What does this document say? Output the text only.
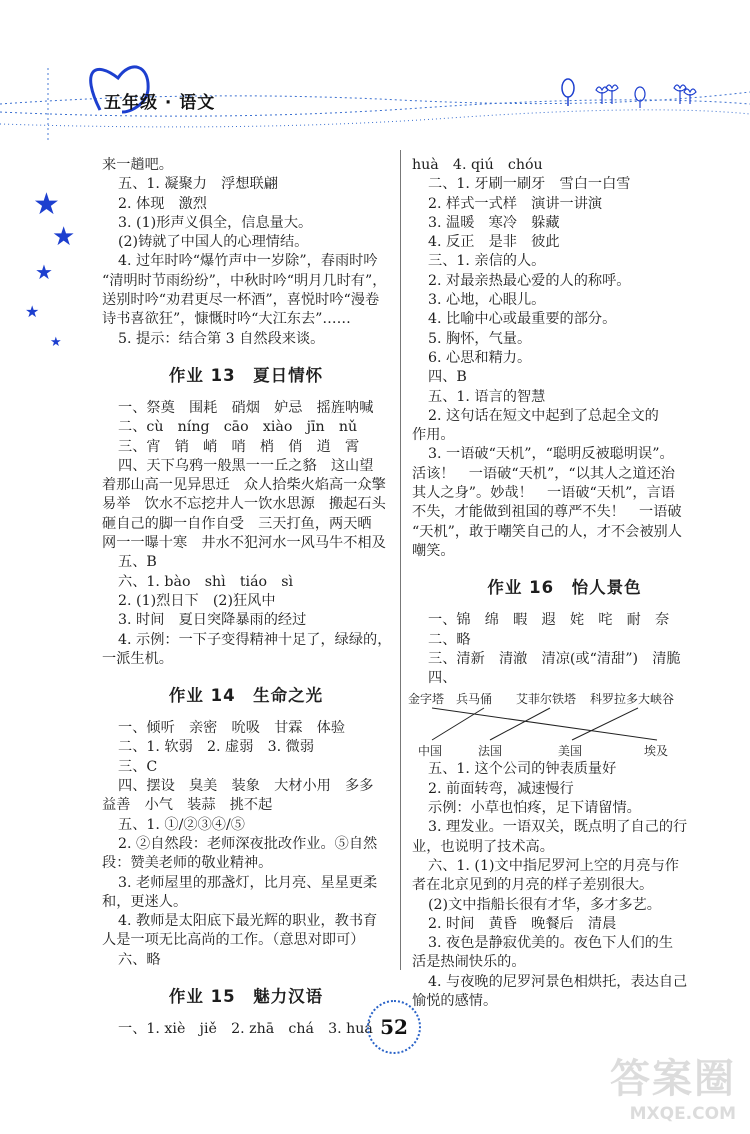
五年级 · 语文
★
★
★
★
★
来一趟吧。
五、1. 凝聚力　浮想联翩
2. 体现　激烈
3. (1)形声义俱全，信息量大。
(2)铸就了中国人的心理情结。
4. 过年时吟“爆竹声中一岁除”，春雨时吟
“清明时节雨纷纷”，中秋时吟“明月几时有”，
送别时吟“劝君更尽一杯酒”，喜悦时吟“漫卷
诗书喜欲狂”，慷慨时吟“大江东去”……
5. 提示：结合第 3 自然段来谈。
作业 13　夏日情怀
一、祭奠　围耗　硝烟　妒忌　摇旌呐喊
二、cù　níng　cāo　xiào　jīn　nǔ
三、宵　销　峭　哨　梢　俏　逍　霄
四、天下乌鸦一般黑一一丘之貉　这山望
着那山高一见异思迁　众人拾柴火焰高一众擎
易举　饮水不忘挖井人一饮水思源　搬起石头
砸自己的脚一自作自受　三天打鱼，两天晒
网一一曝十寒　井水不犯河水一风马牛不相及
五、B
六、1. bào　shì　tiáo　sì
2. (1)烈日下　(2)狂风中
3. 时间　夏日突降暴雨的经过
4. 示例：一下子变得精神十足了，绿绿的，
一派生机。
作业 14　生命之光
一、倾听　亲密　吮吸　甘霖　体验
二、1. 软弱　2. 虚弱　3. 微弱
三、C
四、摆设　臭美　装象　大材小用　多多
益善　小气　装蒜　挑不起
五、1. ①/②③④/⑤
2. ②自然段：老师深夜批改作业。⑤自然
段：赞美老师的敬业精神。
3. 老师屋里的那盏灯，比月亮、星星更柔
和，更迷人。
4. 教师是太阳底下最光辉的职业，教书育
人是一项无比高尚的工作。（意思对即可）
六、略
作业 15　魅力汉语
一、1. xiè　jiě　2. zhā　chá　3. huá
huà　4. qiú　chóu
二、1. 牙刷一刷牙　雪白一白雪
2. 样式一式样　演讲一讲演
3. 温暖　寒冷　躲藏
4. 反正　是非　彼此
三、1. 亲信的人。
2. 对最亲热最心爱的人的称呼。
3. 心地，心眼儿。
4. 比喻中心或最重要的部分。
5. 胸怀，气量。
6. 心思和精力。
四、B
五、1. 语言的智慧
2. 这句话在短文中起到了总起全文的
作用。
3. 一语破“天机”，“聪明反被聪明误”。
活该！　一语破“天机”，“以其人之道还治
其人之身”。妙哉！　一语破“天机”，言语
不失，才能做到祖国的尊严不失！　一语破
“天机”，敢于嘲笑自己的人，才不会被别人
嘲笑。
作业 16　怡人景色
一、锦　绵　暇　遐　姹　咤　耐　奈
二、略
三、清新　清澈　清凉(或“清甜”)　清脆
四、
金字塔 兵马俑 艾菲尔铁塔 科罗拉多大峡谷
中国	法国	美国	埃及
五、1. 这个公司的钟表质量好
2. 前面转弯，减速慢行
示例：小草也怕疼，足下请留情。
3. 理发业。一语双关，既点明了自己的行
业，也说明了技术高。
六、1. (1)文中指尼罗河上空的月亮与作
者在北京见到的月亮的样子差别很大。
(2)文中指船长很有才华，多才多艺。
2. 时间　黄昏　晚餐后　清晨
3. 夜色是静寂优美的。夜色下人们的生
活是热闹快乐的。
4. 与夜晚的尼罗河景色相烘托，表达自己
愉悦的感情。
52
答案圈
MXQE.COM
